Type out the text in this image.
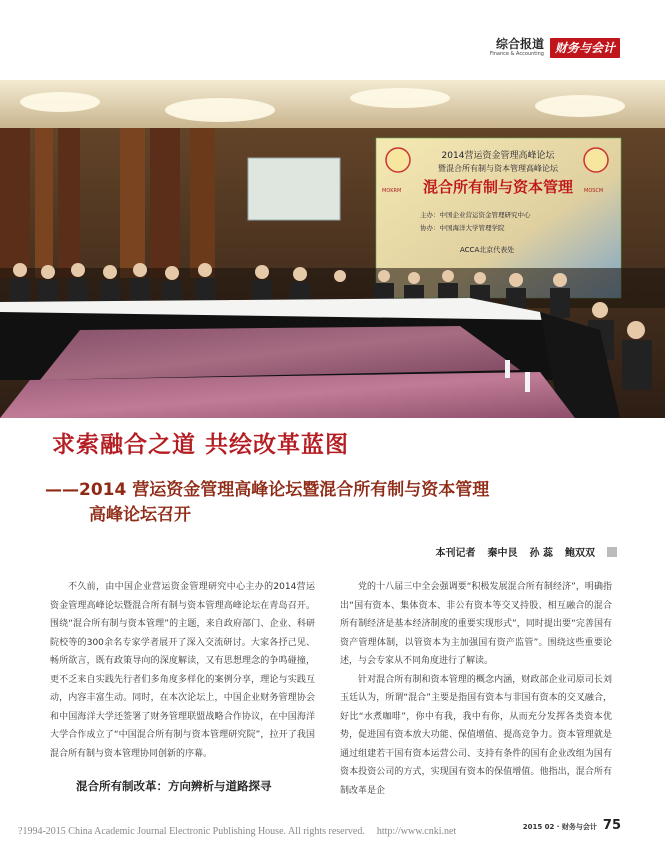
综合报道
Finance & Accounting 财务与会计
MOKRM	MOSCM
2014营运资金管理高峰论坛
暨混合所有制与资本管理高峰论坛
混合所有制与资本管理
主办：中国企业营运资金管理研究中心
协办：中国海洋大学管理学院
ACCA北京代表处
求索融合之道 共绘改革蓝图
——2014 营运资金管理高峰论坛暨混合所有制与资本管理
高峰论坛召开
本刊记者 秦中艮 孙 蕊 鲍双双
不久前，由中国企业营运资金管理研究中心主办的2014营运资金管理高峰论坛暨混合所有制与资本管理高峰论坛在青岛召开。围绕“混合所有制与资本管理”的主题，来自政府部门、企业、科研院校等的300余名专家学者展开了深入交流研讨。大家各抒己见、畅所欲言，既有政策导向的深度解读，又有思想理念的争鸣碰撞，更不乏来自实践先行者们多角度多样化的案例分享，理论与实践互动，内容丰富生动。同时，在本次论坛上，中国企业财务管理协会和中国海洋大学还签署了财务管理联盟战略合作协议，在中国海洋大学合作成立了“中国混合所有制与资本管理研究院”，拉开了我国混合所有制与资本管理协同创新的序幕。
混合所有制改革：方向辨析与道路探寻
党的十八届三中全会强调要“积极发展混合所有制经济”，明确指出“国有资本、集体资本、非公有资本等交叉持股、相互融合的混合所有制经济是基本经济制度的重要实现形式”，同时提出要“完善国有资产管理体制，以管资本为主加强国有资产监管”。围绕这些重要论述，与会专家从不同角度进行了解读。
针对混合所有制和资本管理的概念内涵，财政部企业司原司长刘玉廷认为，所谓“混合”主要是指国有资本与非国有资本的交叉融合，好比“水煮咖啡”，你中有我，我中有你，从而充分发挥各类资本优势，促进国有资本放大功能、保值增值、提高竞争力。资本管理就是通过组建若干国有资本运营公司、支持有条件的国有企业改组为国有资本投资公司的方式，实现国有资本的保值增值。他指出，混合所有制改革是企
2015 02 · 财务与会计 75
?1994-2015 China Academic Journal Electronic Publishing House. All rights reserved. http://www.cnki.net
